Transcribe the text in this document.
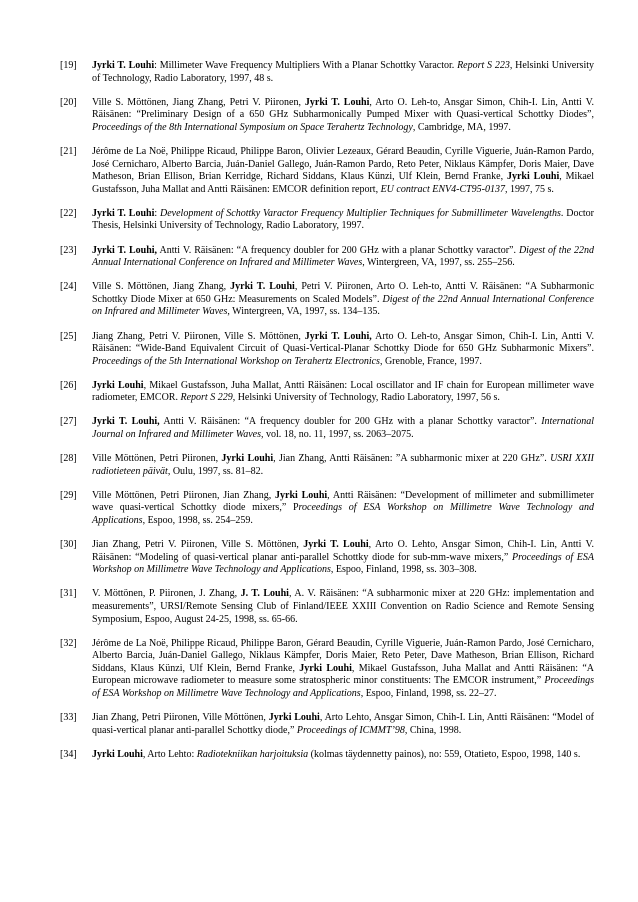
[19]	Jyrki T. Louhi: Millimeter Wave Frequency Multipliers With a Planar Schottky Varactor. Report S 223, Helsinki University of Technology, Radio Laboratory, 1997, 48 s.
[20]	Ville S. Möttönen, Jiang Zhang, Petri V. Piironen, Jyrki T. Louhi, Arto O. Leh-to, Ansgar Simon, Chih-I. Lin, Antti V. Räisänen: “Preliminary Design of a 650 GHz Subharmonically Pumped Mixer with Quasi-vertical Schottky Diodes”, Proceedings of the 8th International Symposium on Space Terahertz Technology, Cambridge, MA, 1997.
[21]	Jérôme de La Noë, Philippe Ricaud, Philippe Baron, Olivier Lezeaux, Gérard Beaudin, Cyrille Viguerie, Juán-Ramon Pardo, José Cernicharo, Alberto Barcia, Juán-Daniel Gallego, Juán-Ramon Pardo, Reto Peter, Niklaus Kämpfer, Doris Maier, Dave Matheson, Brian Ellison, Brian Kerridge, Richard Siddans, Klaus Künzi, Ulf Klein, Bernd Franke, Jyrki Louhi, Mikael Gustafsson, Juha Mallat and Antti Räisänen: EMCOR definition report, EU contract ENV4-CT95-0137, 1997, 75 s.
[22]	Jyrki T. Louhi: Development of Schottky Varactor Frequency Multiplier Techniques for Submillimeter Wavelengths. Doctor Thesis, Helsinki University of Technology, Radio Laboratory, 1997.
[23]	Jyrki T. Louhi, Antti V. Räisänen: “A frequency doubler for 200 GHz with a planar Schottky varactor”. Digest of the 22nd Annual International Conference on Infrared and Millimeter Waves, Wintergreen, VA, 1997, ss. 255–256.
[24]	Ville S. Möttönen, Jiang Zhang, Jyrki T. Louhi, Petri V. Piironen, Arto O. Leh-to, Antti V. Räisänen: “A Subharmonic Schottky Diode Mixer at 650 GHz: Measurements on Scaled Models”. Digest of the 22nd Annual International Conference on Infrared and Millimeter Waves, Wintergreen, VA, 1997, ss. 134–135.
[25]	Jiang Zhang, Petri V. Piironen, Ville S. Möttönen, Jyrki T. Louhi, Arto O. Leh-to, Ansgar Simon, Chih-I. Lin, Antti V. Räisänen: “Wide-Band Equivalent Circuit of Quasi-Vertical-Planar Schottky Diode for 650 GHz Subharmonic Mixers”. Proceedings of the 5th International Workshop on Terahertz Electronics, Grenoble, France, 1997.
[26]	Jyrki Louhi, Mikael Gustafsson, Juha Mallat, Antti Räisänen: Local oscillator and IF chain for European millimeter wave radiometer, EMCOR. Report S 229, Helsinki University of Technology, Radio Laboratory, 1997, 56 s.
[27]	Jyrki T. Louhi, Antti V. Räisänen: “A frequency doubler for 200 GHz with a planar Schottky varactor”. International Journal on Infrared and Millimeter Waves, vol. 18, no. 11, 1997, ss. 2063–2075.
[28]	Ville Möttönen, Petri Piironen, Jyrki Louhi, Jian Zhang, Antti Räisänen: ”A subharmonic mixer at 220 GHz”. USRI XXII radiotieteen päivät, Oulu, 1997, ss. 81–82.
[29]	Ville Möttönen, Petri Piironen, Jian Zhang, Jyrki Louhi, Antti Räisänen: “Development of millimeter and submillimeter wave quasi-vertical Schottky diode mixers,” Proceedings of ESA Workshop on Millimetre Wave Technology and Applications, Espoo, 1998, ss. 254–259.
[30]	Jian Zhang, Petri V. Piironen, Ville S. Möttönen, Jyrki T. Louhi, Arto O. Lehto, Ansgar Simon, Chih-I. Lin, Antti V. Räisänen: “Modeling of quasi-vertical planar anti-parallel Schottky diode for sub-mm-wave mixers,” Proceedings of ESA Workshop on Millimetre Wave Technology and Applications, Espoo, Finland, 1998, ss. 303–308.
[31]	V. Möttönen, P. Piironen, J. Zhang, J. T. Louhi, A. V. Räisänen: “A subharmonic mixer at 220 GHz: implementation and measurements”, URSI/Remote Sensing Club of Finland/IEEE XXIII Convention on Radio Science and Remote Sensing Symposium, Espoo, August 24-25, 1998, ss. 65-66.
[32]	Jérôme de La Noë, Philippe Ricaud, Philippe Baron, Gérard Beaudin, Cyrille Viguerie, Juán-Ramon Pardo, José Cernicharo, Alberto Barcia, Juán-Daniel Gallego, Niklaus Kämpfer, Doris Maier, Reto Peter, Dave Matheson, Brian Ellison, Richard Siddans, Klaus Künzi, Ulf Klein, Bernd Franke, Jyrki Louhi, Mikael Gustafsson, Juha Mallat and Antti Räisänen: “A European microwave radiometer to measure some stratospheric minor constituents: The EMCOR instrument,” Proceedings of ESA Workshop on Millimetre Wave Technology and Applications, Espoo, Finland, 1998, ss. 22–27.
[33]	Jian Zhang, Petri Piironen, Ville Möttönen, Jyrki Louhi, Arto Lehto, Ansgar Simon, Chih-I. Lin, Antti Räisänen: “Model of quasi-vertical planar anti-parallel Schottky diode,” Proceedings of ICMMT’98, China, 1998.
[34]	Jyrki Louhi, Arto Lehto: Radiotekniikan harjoituksia (kolmas täydennetty painos), no: 559, Otatieto, Espoo, 1998, 140 s.
